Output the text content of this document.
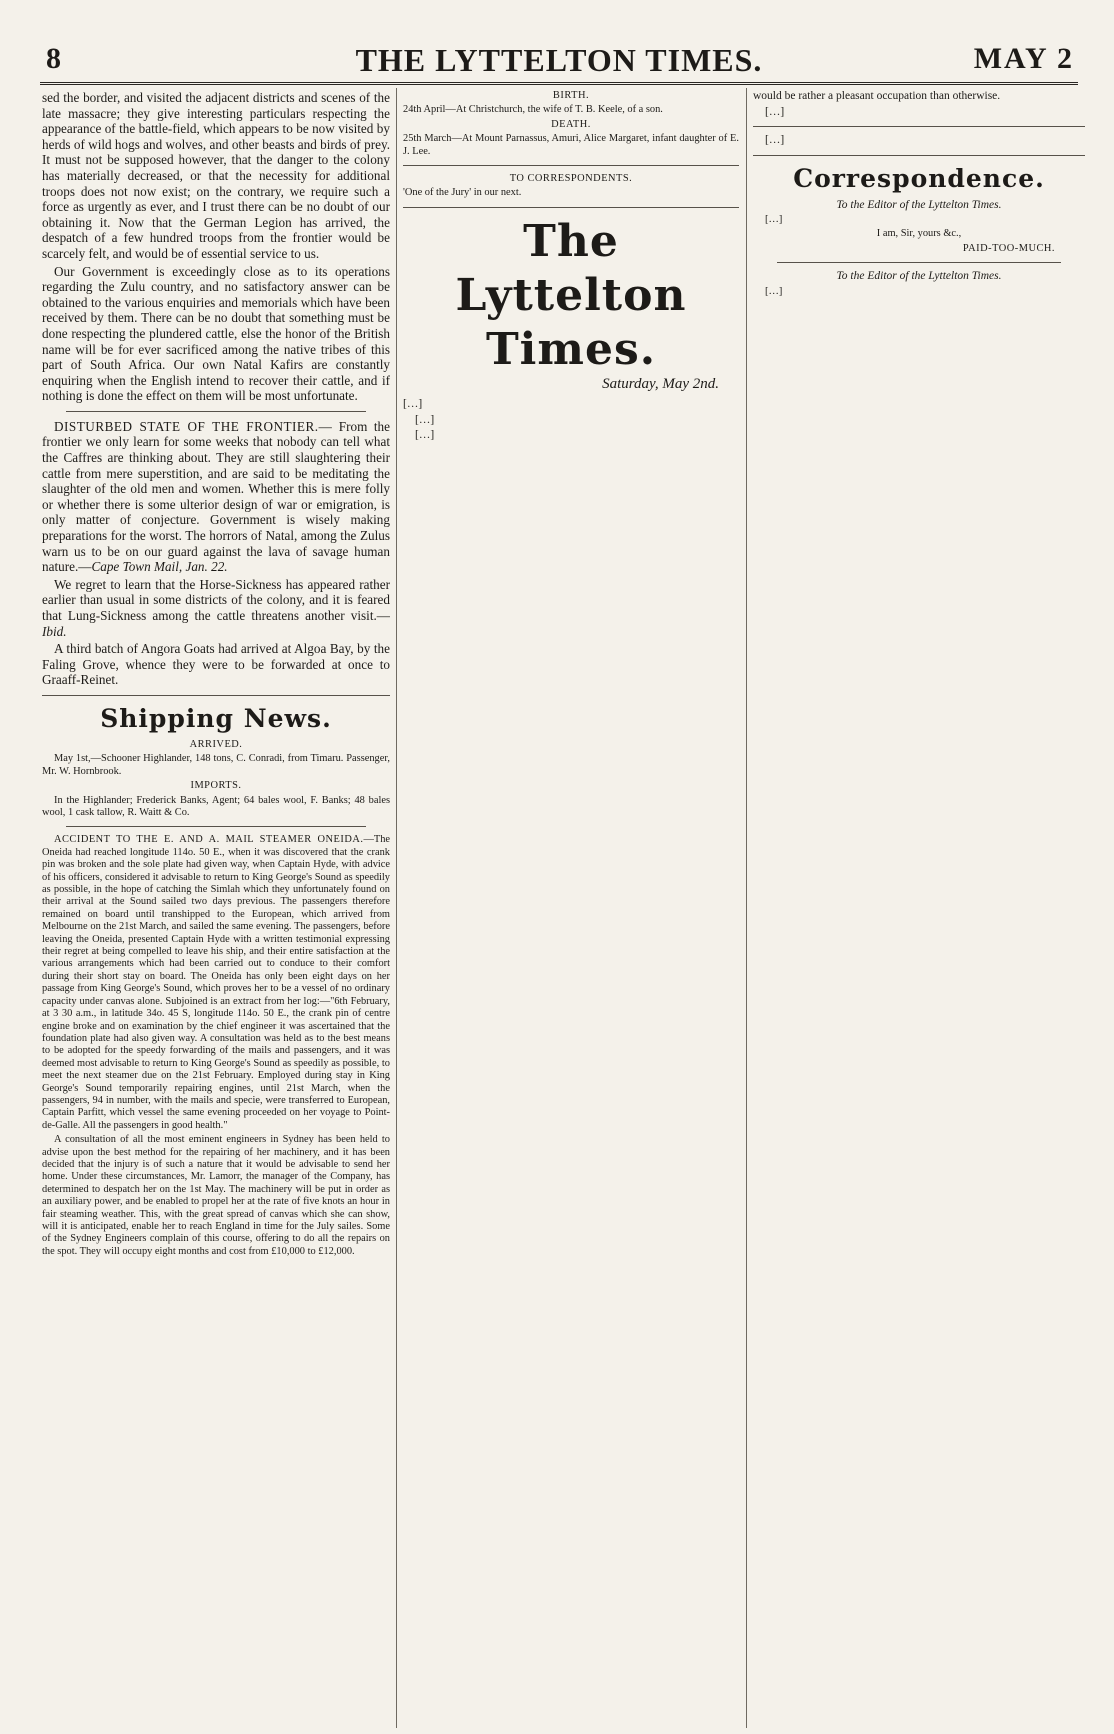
8	THE LYTTELTON TIMES.	MAY 2

sed the border, and visited the adjacent districts and scenes of the late massacre; they give interesting particulars respecting the appearance of the battle-field, which appears to be now visited by herds of wild hogs and wolves, and other beasts and birds of prey. It must not be supposed however, that the danger to the colony has materially decreased, or that the necessity for additional troops does not now exist; on the contrary, we require such a force as urgently as ever, and I trust there can be no doubt of our obtaining it. Now that the German Legion has arrived, the despatch of a few hundred troops from the frontier would be scarcely felt, and would be of essential service to us.

Our Government is exceedingly close as to its operations regarding the Zulu country, and no satisfactory answer can be obtained to the various enquiries and memorials which have been received by them. There can be no doubt that something must be done respecting the plundered cattle, else the honor of the British name will be for ever sacrificed among the native tribes of this part of South Africa. Our own Natal Kafirs are constantly enquiring when the English intend to recover their cattle, and if nothing is done the effect on them will be most unfortunate.

DISTURBED STATE OF THE FRONTIER.— From the frontier we only learn for some weeks that nobody can tell what the Caffres are thinking about. They are still slaughtering their cattle from mere superstition, and are said to be meditating the slaughter of the old men and women. Whether this is mere folly or whether there is some ulterior design of war or emigration, is only matter of conjecture. Government is wisely making preparations for the worst. The horrors of Natal, among the Zulus warn us to be on our guard against the lava of savage human nature.—Cape Town Mail, Jan. 22.

We regret to learn that the Horse-Sickness has appeared rather earlier than usual in some districts of the colony, and it is feared that Lung-Sickness among the cattle threatens another visit.—Ibid.

A third batch of Angora Goats had arrived at Algoa Bay, by the Faling Grove, whence they were to be forwarded at once to Graaff-Reinet.

Shipping News.

ARRIVED.

May 1st,—Schooner Highlander, 148 tons, C. Conradi, from Timaru. Passenger, Mr. W. Hornbrook.

IMPORTS.

In the Highlander; Frederick Banks, Agent; 64 bales wool, F. Banks; 48 bales wool, 1 cask tallow, R. Waitt & Co.

ACCIDENT TO THE E. AND A. MAIL STEAMER ONEIDA.—The Oneida had reached longitude 114o. 50 E., when it was discovered that the crank pin was broken and the sole plate had given way, when Captain Hyde, with advice of his officers, considered it advisable to return to King George's Sound as speedily as possible, in the hope of catching the Simlah which they unfortunately found on their arrival at the Sound sailed two days previous. The passengers therefore remained on board until transhipped to the European, which arrived from Melbourne on the 21st March, and sailed the same evening. The passengers, before leaving the Oneida, presented Captain Hyde with a written testimonial expressing their regret at being compelled to leave his ship, and their entire satisfaction at the various arrangements which had been carried out to conduce to their comfort during their short stay on board. The Oneida has only been eight days on her passage from King George's Sound, which proves her to be a vessel of no ordinary capacity under canvas alone. Subjoined is an extract from her log:—"6th February, at 3 30 a.m., in latitude 34o. 45 S, longitude 114o. 50 E., the crank pin of centre engine broke and on examination by the chief engineer it was ascertained that the foundation plate had also given way. A consultation was held as to the best means to be adopted for the speedy forwarding of the mails and passengers, and it was deemed most advisable to return to King George's Sound as speedily as possible, to meet the next steamer due on the 21st February. Employed during stay in King George's Sound temporarily repairing engines, until 21st March, when the passengers, 94 in number, with the mails and specie, were transferred to European, Captain Parfitt, which vessel the same evening proceeded on her voyage to Point-de-Galle. All the passengers in good health."

A consultation of all the most eminent engineers in Sydney has been held to advise upon the best method for the repairing of her machinery, and it has been decided that the injury is of such a nature that it would be advisable to send her home. Under these circumstances, Mr. Lamorr, the manager of the Company, has determined to despatch her on the 1st May. The machinery will be put in order as an auxiliary power, and be enabled to propel her at the rate of five knots an hour in fair steaming weather. This, with the great spread of canvas which she can show, will it is anticipated, enable her to reach England in time for the July sailes. Some of the Sydney Engineers complain of this course, offering to do all the repairs on the spot. They will occupy eight months and cost from £10,000 to £12,000.

BIRTH.

24th April—At Christchurch, the wife of T. B. Keele, of a son.

DEATH.

25th March—At Mount Parnassus, Amuri, Alice Margaret, infant daughter of E. J. Lee.

TO CORRESPONDENTS.

'One of the Jury' in our next.

The Lyttelton Times.

Saturday, May 2nd.

[…]

[…]

[…]

would be rather a pleasant occupation than otherwise.

[…]

[…]

Correspondence.

To the Editor of the Lyttelton Times.

[…]

I am, Sir, yours &c.,

PAID-TOO-MUCH.

To the Editor of the Lyttelton Times.

[…]
